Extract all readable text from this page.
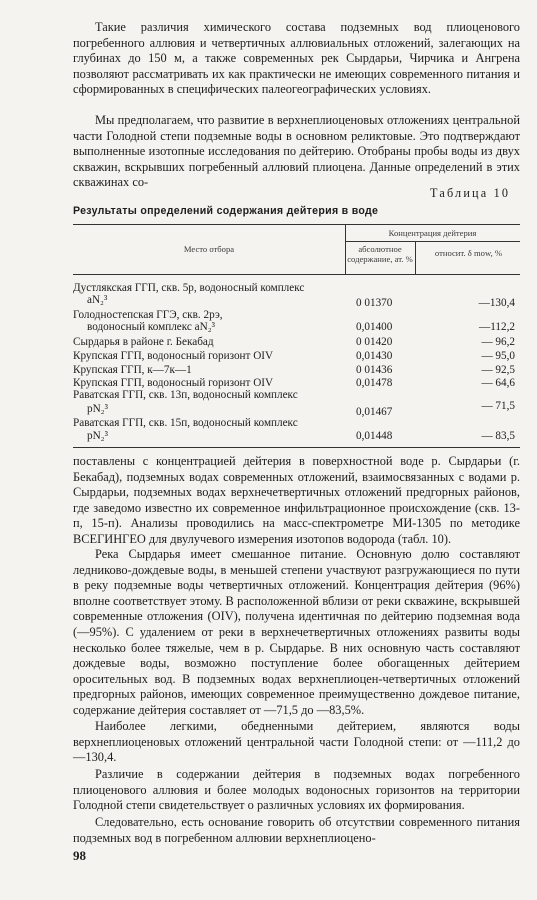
Такие различия химического состава подземных вод плиоценового погребенного аллювия и четвертичных аллювиальных отложений, залегающих на глубинах до 150 м, а также современных рек Сырдарьи, Чирчика и Ангрена позволяют рассматривать их как практически не имеющих современного питания и сформированных в специфических палеогеографических условиях.

Мы предполагаем, что развитие в верхнеплиоценовых отложениях центральной части Голодной степи подземные воды в основном реликтовые. Это подтверждают выполненные изотопные исследования по дейтерию. Отобраны пробы воды из двух скважин, вскрывших погребенный аллювий плиоцена. Данные определений в этих скважинах со-

Таблица 10
Результаты определений содержания дейтерия в воде
Место отбора
Концентрация дейтерия
абсолютное содержание, ат. %
относит. δ mow, %
Дустлякская ГГП, скв. 5р, водоносный комплекс
aN₂³	0 01370	—130,4
Голодностепская ГГЭ, скв. 2рэ,
водоносный комплекс aN₂³	0,01400	—112,2
Сырдарья в районе г. Бекабад	0 01420	— 96,2
Крупская ГГП, водоносный горизонт OIV	0,01430	— 95,0
Крупская ГГП, к—7к—1	0 01436	— 92,5
Крупская ГГП, водоносный горизонт OIV	0,01478	— 64,6
Раватская ГГП, скв. 13п, водоносный комплекс
pN₂³	0,01467	— 71,5
Раватская ГГП, скв. 15п, водоносный комплекс
pN₂³	0,01448	— 83,5

поставлены с концентрацией дейтерия в поверхностной воде р. Сырдарьи (г. Бекабад), подземных водах современных отложений, взаимосвязанных с водами р. Сырдарьи, подземных водах верхнечетвертичных отложений предгорных районов, где заведомо известно их современное инфильтрационное происхождение (скв. 13-п, 15-п). Анализы проводились на масс-спектрометре МИ-1305 по методике ВСЕГИНГЕО для двулучевого измерения изотопов водорода (табл. 10).

Река Сырдарья имеет смешанное питание. Основную долю составляют ледниково-дождевые воды, в меньшей степени участвуют разгружающиеся по пути в реку подземные воды четвертичных отложений. Концентрация дейтерия (96%) вполне соответствует этому. В расположенной вблизи от реки скважине, вскрывшей современные отложения (OIV), получена идентичная по дейтерию подземная вода (—95%). С удалением от реки в верхнечетвертичных отложениях развиты воды несколько более тяжелые, чем в р. Сырдарье. В них основную часть составляют дождевые воды, возможно поступление более обогащенных дейтерием оросительных вод. В подземных водах верхнеплиоцен-четвертичных отложений предгорных районов, имеющих современное преимущественно дождевое питание, содержание дейтерия составляет от —71,5 до —83,5%.

Наиболее легкими, обедненными дейтерием, являются воды верхнеплиоценовых отложений центральной части Голодной степи: от —111,2 до —130,4.

Различие в содержании дейтерия в подземных водах погребенного плиоценового аллювия и более молодых водоносных горизонтов на территории Голодной степи свидетельствует о различных условиях их формирования.

Следовательно, есть основание говорить об отсутствии современного питания подземных вод в погребенном аллювии верхнеплиоцено-

98
